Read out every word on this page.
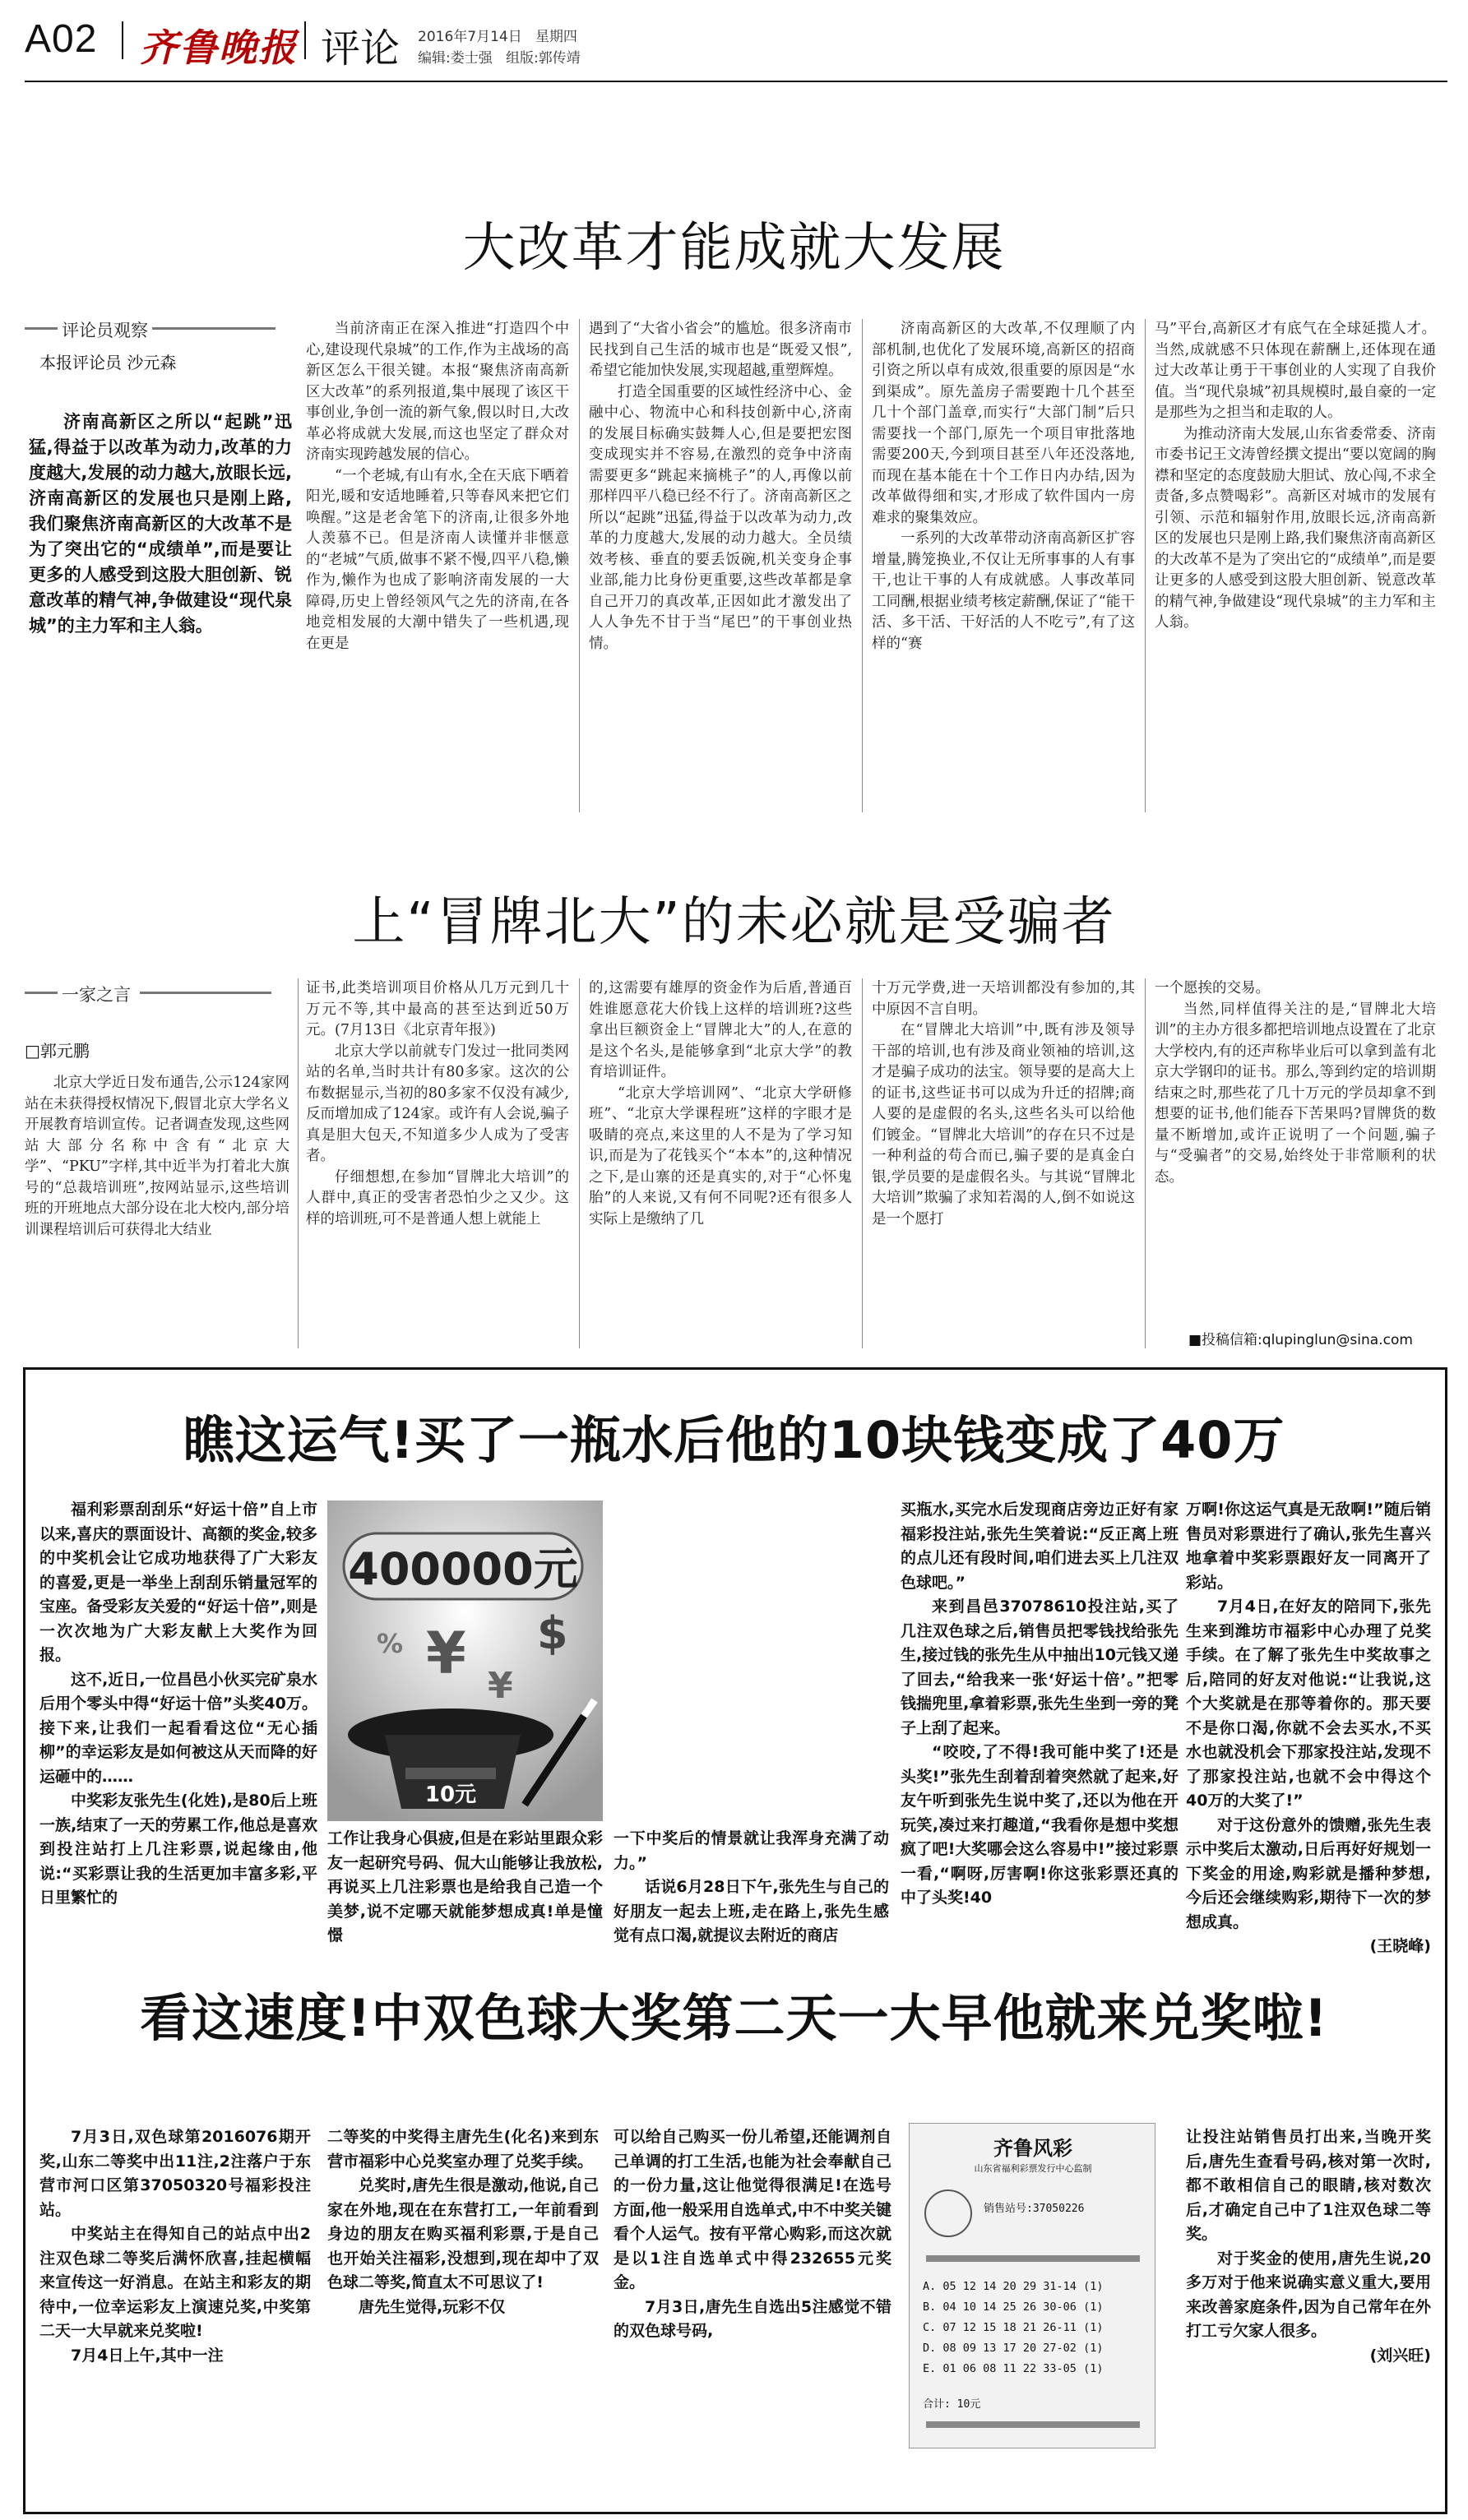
A02 齐鲁晚报 评论 2016年7月14日 星期四
编辑:娄士强 组版:郭传靖
大改革才能成就大发展
评论员观察
本报评论员 沙元森
济南高新区之所以“起跳”迅猛,得益于以改革为动力,改革的力度越大,发展的动力越大,放眼长远,济南高新区的发展也只是刚上路,我们聚焦济南高新区的大改革不是为了突出它的“成绩单”,而是要让更多的人感受到这股大胆创新、锐意改革的精气神,争做建设“现代泉城”的主力军和主人翁。

当前济南正在深入推进“打造四个中心,建设现代泉城”的工作,作为主战场的高新区怎么干很关键。本报“聚焦济南高新区大改革”的系列报道,集中展现了该区干事创业,争创一流的新气象,假以时日,大改革必将成就大发展,而这也坚定了群众对济南实现跨越发展的信心。

“一个老城,有山有水,全在天底下晒着阳光,暖和安适地睡着,只等春风来把它们唤醒。”这是老舍笔下的济南,让很多外地人羡慕不已。但是济南人读懂并非惬意的“老城”气质,做事不紧不慢,四平八稳,懒作为,懒作为也成了影响济南发展的一大障碍,历史上曾经领风气之先的济南,在各地竞相发展的大潮中错失了一些机遇,现在更是

遇到了“大省小省会”的尴尬。很多济南市民找到自己生活的城市也是“既爱又恨”,希望它能加快发展,实现超越,重塑辉煌。

打造全国重要的区域性经济中心、金融中心、物流中心和科技创新中心,济南的发展目标确实鼓舞人心,但是要把宏图变成现实并不容易,在激烈的竞争中济南需要更多“跳起来摘桃子”的人,再像以前那样四平八稳已经不行了。济南高新区之所以“起跳”迅猛,得益于以改革为动力,改革的力度越大,发展的动力越大。全员绩效考核、垂直的要丢饭碗,机关变身企事业部,能力比身份更重要,这些改革都是拿自己开刀的真改革,正因如此才激发出了人人争先不甘于当“尾巴”的干事创业热情。

济南高新区的大改革,不仅理顺了内部机制,也优化了发展环境,高新区的招商引资之所以卓有成效,很重要的原因是“水到渠成”。原先盖房子需要跑十几个甚至几十个部门盖章,而实行“大部门制”后只需要找一个部门,原先一个项目审批落地需要200天,今到项目甚至八年还没落地,而现在基本能在十个工作日内办结,因为改革做得细和实,才形成了软件国内一房难求的聚集效应。

一系列的大改革带动济南高新区扩容增量,腾笼换业,不仅让无所事事的人有事干,也让干事的人有成就感。人事改革同工同酬,根据业绩考核定薪酬,保证了“能干活、多干活、干好活的人不吃亏”,有了这样的“赛

马”平台,高新区才有底气在全球延揽人才。当然,成就感不只体现在薪酬上,还体现在通过大改革让勇于干事创业的人实现了自我价值。当“现代泉城”初具规模时,最自豪的一定是那些为之担当和走取的人。

为推动济南大发展,山东省委常委、济南市委书记王文涛曾经撰文提出“要以宽阔的胸襟和坚定的态度鼓励大胆试、放心闯,不求全责备,多点赞喝彩”。高新区对城市的发展有引领、示范和辐射作用,放眼长远,济南高新区的发展也只是刚上路,我们聚焦济南高新区的大改革不是为了突出它的“成绩单”,而是要让更多的人感受到这股大胆创新、锐意改革的精气神,争做建设“现代泉城”的主力军和主人翁。

上“冒牌北大”的未必就是受骗者
一家之言
□郭元鹏

北京大学近日发布通告,公示124家网站在未获得授权情况下,假冒北京大学名义开展教育培训宣传。记者调查发现,这些网站大部分名称中含有“北京大学”、“PKU”字样,其中近半为打着北大旗号的“总裁培训班”,按网站显示,这些培训班的开班地点大部分设在北大校内,部分培训课程培训后可获得北大结业

证书,此类培训项目价格从几万元到几十万元不等,其中最高的甚至达到近50万元。(7月13日《北京青年报》)

北京大学以前就专门发过一批同类网站的名单,当时共计有80多家。这次的公布数据显示,当初的80多家不仅没有减少,反而增加成了124家。或许有人会说,骗子真是胆大包天,不知道多少人成为了受害者。

仔细想想,在参加“冒牌北大培训”的人群中,真正的受害者恐怕少之又少。这样的培训班,可不是普通人想上就能上

的,这需要有雄厚的资金作为后盾,普通百姓谁愿意花大价钱上这样的培训班?这些拿出巨额资金上“冒牌北大”的人,在意的是这个名头,是能够拿到“北京大学”的教育培训证件。

“北京大学培训网”、“北京大学研修班”、“北京大学课程班”这样的字眼才是吸睛的亮点,来这里的人不是为了学习知识,而是为了花钱买个“本本”的,这种情况之下,是山寨的还是真实的,对于“心怀鬼胎”的人来说,又有何不同呢?还有很多人实际上是缴纳了几

十万元学费,进一天培训都没有参加的,其中原因不言自明。

在“冒牌北大培训”中,既有涉及领导干部的培训,也有涉及商业领袖的培训,这才是骗子成功的法宝。领导要的是高大上的证书,这些证书可以成为升迁的招牌;商人要的是虚假的名头,这些名头可以给他们镀金。“冒牌北大培训”的存在只不过是一种利益的苟合而已,骗子要的是真金白银,学员要的是虚假名头。与其说“冒牌北大培训”欺骗了求知若渴的人,倒不如说这是一个愿打

一个愿挨的交易。

当然,同样值得关注的是,“冒牌北大培训”的主办方很多都把培训地点设置在了北京大学校内,有的还声称毕业后可以拿到盖有北京大学钢印的证书。那么,等到约定的培训期结束之时,那些花了几十万元的学员却拿不到想要的证书,他们能吞下苦果吗?冒牌货的数量不断增加,或许正说明了一个问题,骗子与“受骗者”的交易,始终处于非常顺利的状态。

■投稿信箱:qlupinglun@sina.com
瞧这运气!买了一瓶水后他的10块钱变成了40万

福利彩票刮刮乐“好运十倍”自上市以来,喜庆的票面设计、高额的奖金,较多的中奖机会让它成功地获得了广大彩友的喜爱,更是一举坐上刮刮乐销量冠军的宝座。备受彩友关爱的“好运十倍”,则是一次次地为广大彩友献上大奖作为回报。

这不,近日,一位昌邑小伙买完矿泉水后用个零头中得“好运十倍”头奖40万。接下来,让我们一起看看这位“无心插柳”的幸运彩友是如何被这从天而降的好运砸中的……

中奖彩友张先生(化姓),是80后上班一族,结束了一天的劳累工作,他总是喜欢到投注站打上几注彩票,说起缘由,他说:“买彩票让我的生活更加丰富多彩,平日里繁忙的

400000元
¥ ¥
$
%
10元

工作让我身心俱疲,但是在彩站里跟众彩友一起研究号码、侃大山能够让我放松,再说买上几注彩票也是给我自己造一个美梦,说不定哪天就能梦想成真!单是憧憬

一下中奖后的情景就让我浑身充满了动力。”

话说6月28日下午,张先生与自己的好朋友一起去上班,走在路上,张先生感觉有点口渴,就提议去附近的商店

买瓶水,买完水后发现商店旁边正好有家福彩投注站,张先生笑着说:“反正离上班的点儿还有段时间,咱们进去买上几注双色球吧。”

来到昌邑37078610投注站,买了几注双色球之后,销售员把零钱找给张先生,接过钱的张先生从中抽出10元钱又递了回去,“给我来一张‘好运十倍’。”把零钱揣兜里,拿着彩票,张先生坐到一旁的凳子上刮了起来。

“咬咬,了不得!我可能中奖了!还是头奖!”张先生刮着刮着突然就了起来,好友午听到张先生说中奖了,还以为他在开玩笑,凑过来打趣道,“我看你是想中奖想疯了吧!大奖哪会这么容易中!”接过彩票一看,“啊呀,厉害啊!你这张彩票还真的中了头奖!40

万啊!你这运气真是无敌啊!”随后销售员对彩票进行了确认,张先生喜兴地拿着中奖彩票跟好友一同离开了彩站。

7月4日,在好友的陪同下,张先生来到潍坊市福彩中心办理了兑奖手续。在了解了张先生中奖故事之后,陪同的好友对他说:“让我说,这个大奖就是在那等着你的。那天要不是你口渴,你就不会去买水,不买水也就没机会下那家投注站,发现不了那家投注站,也就不会中得这个40万的大奖了!”

对于这份意外的馈赠,张先生表示中奖后太激动,日后再好好规划一下奖金的用途,购彩就是播种梦想,今后还会继续购彩,期待下一次的梦想成真。

(王晓峰)

看这速度!中双色球大奖第二天一大早他就来兑奖啦!

7月3日,双色球第2016076期开奖,山东二等奖中出11注,2注落户于东营市河口区第37050320号福彩投注站。

中奖站主在得知自己的站点中出2注双色球二等奖后满怀欣喜,挂起横幅来宣传这一好消息。在站主和彩友的期待中,一位幸运彩友上演速兑奖,中奖第二天一大早就来兑奖啦!

7月4日上午,其中一注

二等奖的中奖得主唐先生(化名)来到东营市福彩中心兑奖室办理了兑奖手续。

兑奖时,唐先生很是激动,他说,自己家在外地,现在在东营打工,一年前看到身边的朋友在购买福利彩票,于是自己也开始关注福彩,没想到,现在却中了双色球二等奖,简直太不可思议了!

唐先生觉得,玩彩不仅

可以给自己购买一份儿希望,还能调剂自己单调的打工生活,也能为社会奉献自己的一份力量,这让他觉得很满足!在选号方面,他一般采用自选单式,中不中奖关键看个人运气。按有平常心购彩,而这次就是以1注自选单式中得232655元奖金。

7月3日,唐先生自选出5注感觉不错的双色球号码,

齐鲁风彩
山东省福利彩票发行中心监制
销售站号:37050226
A. 05 12 14 20 29 31-14 (1)
B. 04 10 14 25 26 30-06 (1)
C. 07 12 15 18 21 26-11 (1)
D. 08 09 13 17 20 27-02 (1)
E. 01 06 08 11 22 33-05 (1)
合计: 10元

让投注站销售员打出来,当晚开奖后,唐先生查看号码,核对第一次时,都不敢相信自己的眼睛,核对数次后,才确定自己中了1注双色球二等奖。

对于奖金的使用,唐先生说,20多万对于他来说确实意义重大,要用来改善家庭条件,因为自己常年在外打工亏欠家人很多。

(刘兴旺)
